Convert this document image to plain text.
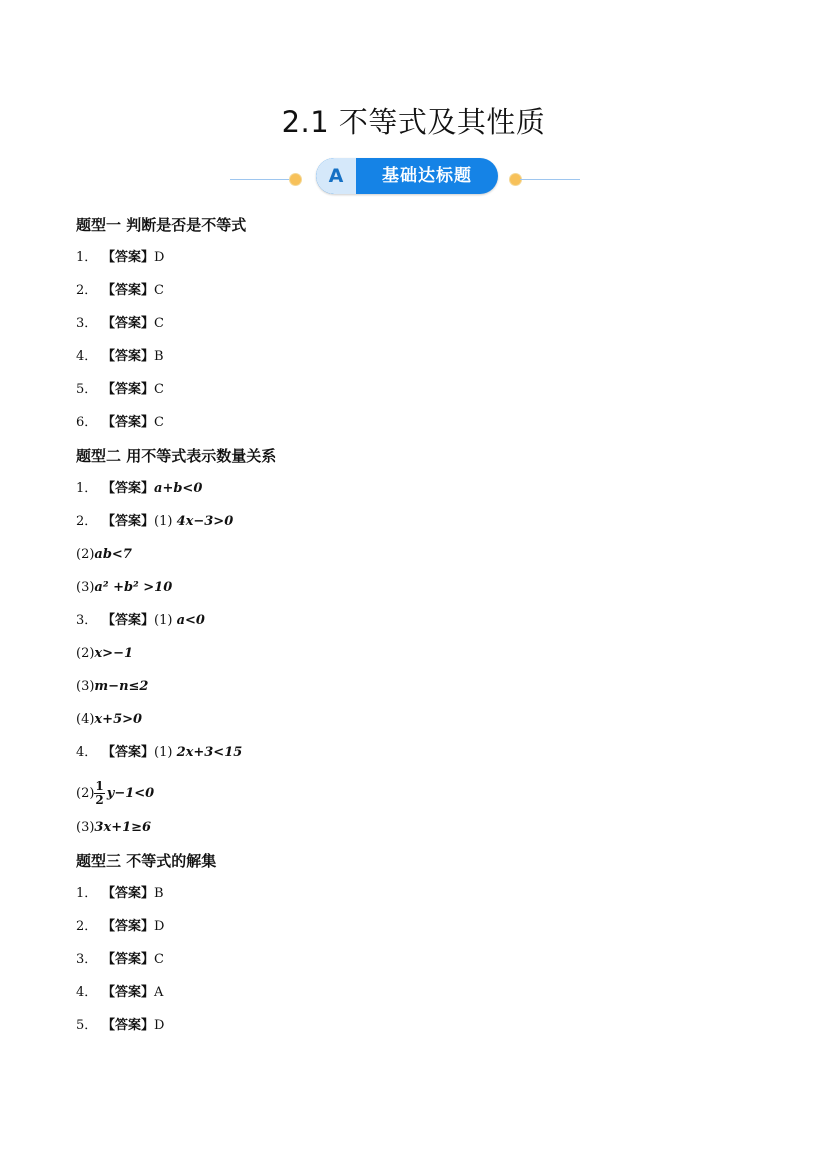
2.1 不等式及其性质
A	基础达标题
题型一 判断是否是不等式
1． 【答案】D
2． 【答案】C
3． 【答案】C
4． 【答案】B
5． 【答案】C
6． 【答案】C
题型二 用不等式表示数量关系
1． 【答案】a+b<0
2． 【答案】(1) 4x−3>0
(2)ab<7
(3)a² +b² >10
3． 【答案】(1) a<0
(2)x>−1
(3)m−n≤2
(4)x+5>0
4． 【答案】(1) 2x+3<15
$(2) \frac{1}{2} y-1<0$
(3)3x+1≥6
题型三 不等式的解集
1． 【答案】B
2． 【答案】D
3． 【答案】C
4． 【答案】A
5． 【答案】D
